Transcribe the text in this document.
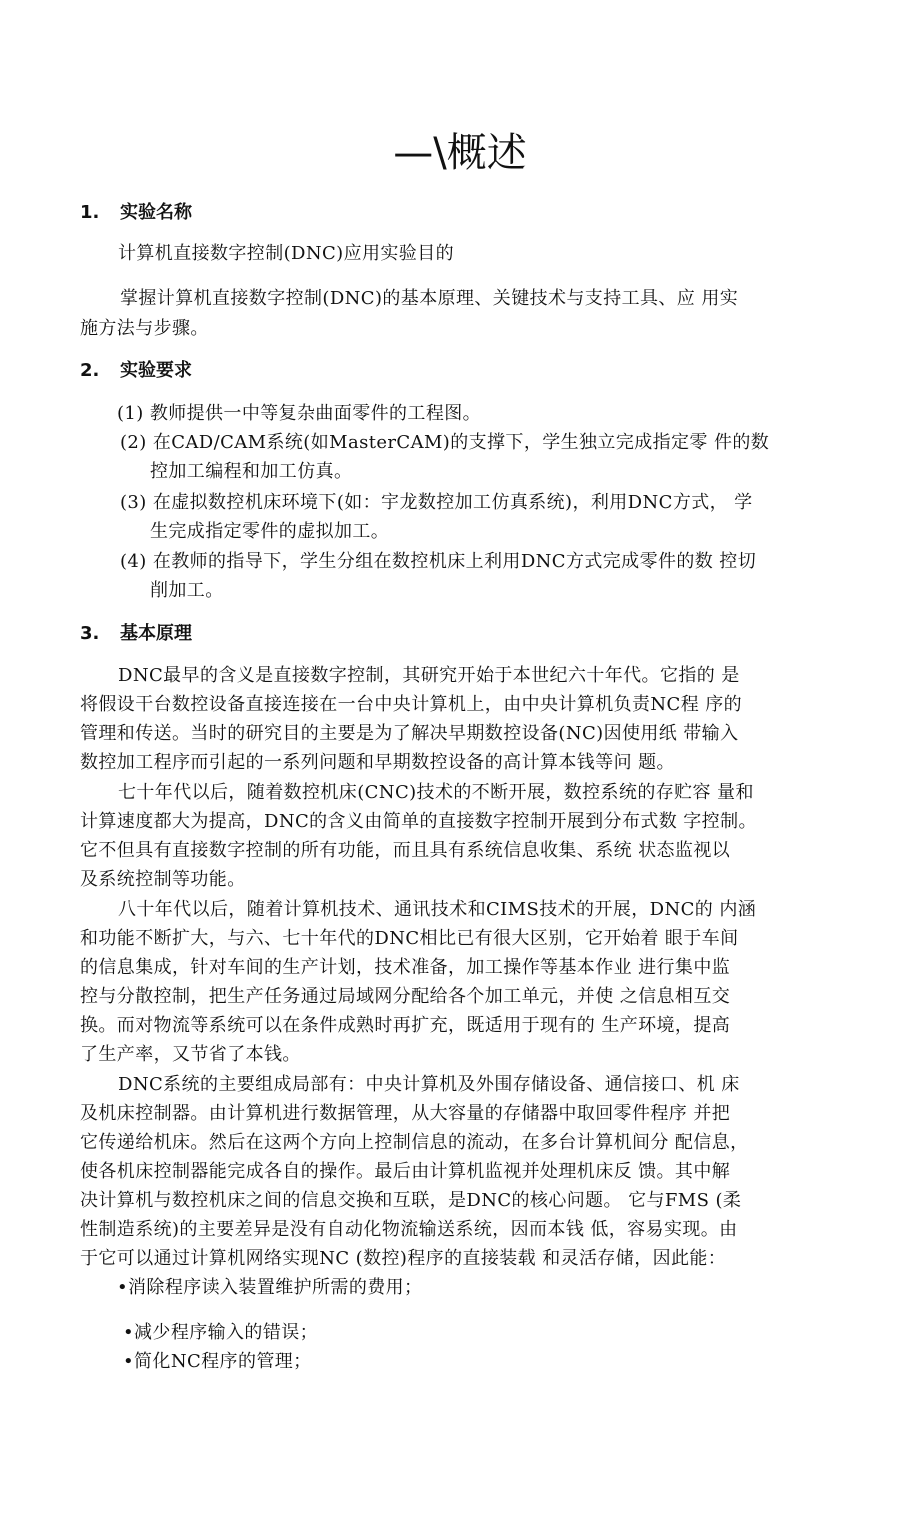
—\概述
1. 实验名称
计算机直接数字控制(DNC)应用实验目的
掌握计算机直接数字控制(DNC)的基本原理、关键技术与支持工具、应 用实
施方法与步骤。
2. 实验要求
(1) 教师提供一中等复杂曲面零件的工程图。
(2) 在CAD/CAM系统(如MasterCAM)的支撑下，学生独立完成指定零 件的数
控加工编程和加工仿真。
(3) 在虚拟数控机床环境下(如：宇龙数控加工仿真系统)，利用DNC方式， 学
生完成指定零件的虚拟加工。
(4) 在教师的指导下，学生分组在数控机床上利用DNC方式完成零件的数 控切
削加工。
3. 基本原理
DNC最早的含义是直接数字控制，其研究开始于本世纪六十年代。它指的 是
将假设干台数控设备直接连接在一台中央计算机上，由中央计算机负责NC程 序的
管理和传送。当时的研究目的主要是为了解决早期数控设备(NC)因使用纸 带输入
数控加工程序而引起的一系列问题和早期数控设备的高计算本钱等问 题。
七十年代以后，随着数控机床(CNC)技术的不断开展，数控系统的存贮容 量和
计算速度都大为提高，DNC的含义由简单的直接数字控制开展到分布式数 字控制。
它不但具有直接数字控制的所有功能，而且具有系统信息收集、系统 状态监视以
及系统控制等功能。
八十年代以后，随着计算机技术、通讯技术和CIMS技术的开展，DNC的 内涵
和功能不断扩大，与六、七十年代的DNC相比已有很大区别，它开始着 眼于车间
的信息集成，针对车间的生产计划，技术准备，加工操作等基本作业 进行集中监
控与分散控制，把生产任务通过局域网分配给各个加工单元，并使 之信息相互交
换。而对物流等系统可以在条件成熟时再扩充，既适用于现有的 生产环境，提高
了生产率，又节省了本钱。
DNC系统的主要组成局部有：中央计算机及外围存储设备、通信接口、机 床
及机床控制器。由计算机进行数据管理，从大容量的存储器中取回零件程序 并把
它传递给机床。然后在这两个方向上控制信息的流动，在多台计算机间分 配信息，
使各机床控制器能完成各自的操作。最后由计算机监视并处理机床反 馈。其中解
决计算机与数控机床之间的信息交换和互联，是DNC的核心问题。 它与FMS (柔
性制造系统)的主要差异是没有自动化物流输送系统，因而本钱 低，容易实现。由
于它可以通过计算机网络实现NC (数控)程序的直接装载 和灵活存储，因此能：
•消除程序读入装置维护所需的费用；
•减少程序输入的错误；
•简化NC程序的管理；
